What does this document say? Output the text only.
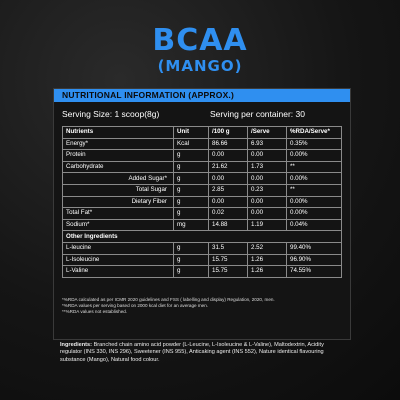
BCAA
(MANGO)
NUTRITIONAL INFORMATION (APPROX.)
Serving Size: 1 scoop(8g)	Serving per container: 30
Nutrients	Unit	/100 g	/Serve	%RDA/Serve*
Energy*	Kcal	86.66	6.93	0.35%
Protein	g	0.00	0.00	0.00%
Carbohydrate	g	21.62	1.73	**
Added Sugar*	g	0.00	0.00	0.00%
Total Sugar	g	2.85	0.23	**
Dietary Fiber	g	0.00	0.00	0.00%
Total Fat*	g	0.02	0.00	0.00%
Sodium*	mg	14.88	1.19	0.04%
Other Ingredients				
L-leucine	g	31.5	2.52	99.40%
L-Isoleucine	g	15.75	1.26	96.90%
L-Valine	g	15.75	1.26	74.55%
*%RDA calculated as per ICMR 2020 guidelines and FSS ( labelling and display) Regulation, 2020, men.
*%RDA values per serving based on 2000 kcal diet for an average men.
**%RDA values not established.
Ingredients: Branched chain amino acid powder (L-Leucine, L-Isoleucine & L-Valine), Maltodextrin, Acidity regulator (INS 330, INS 296), Sweetener (INS 955), Anticaking agent (INS 552), Nature identical flavouring substance (Mango), Natural food colour.
